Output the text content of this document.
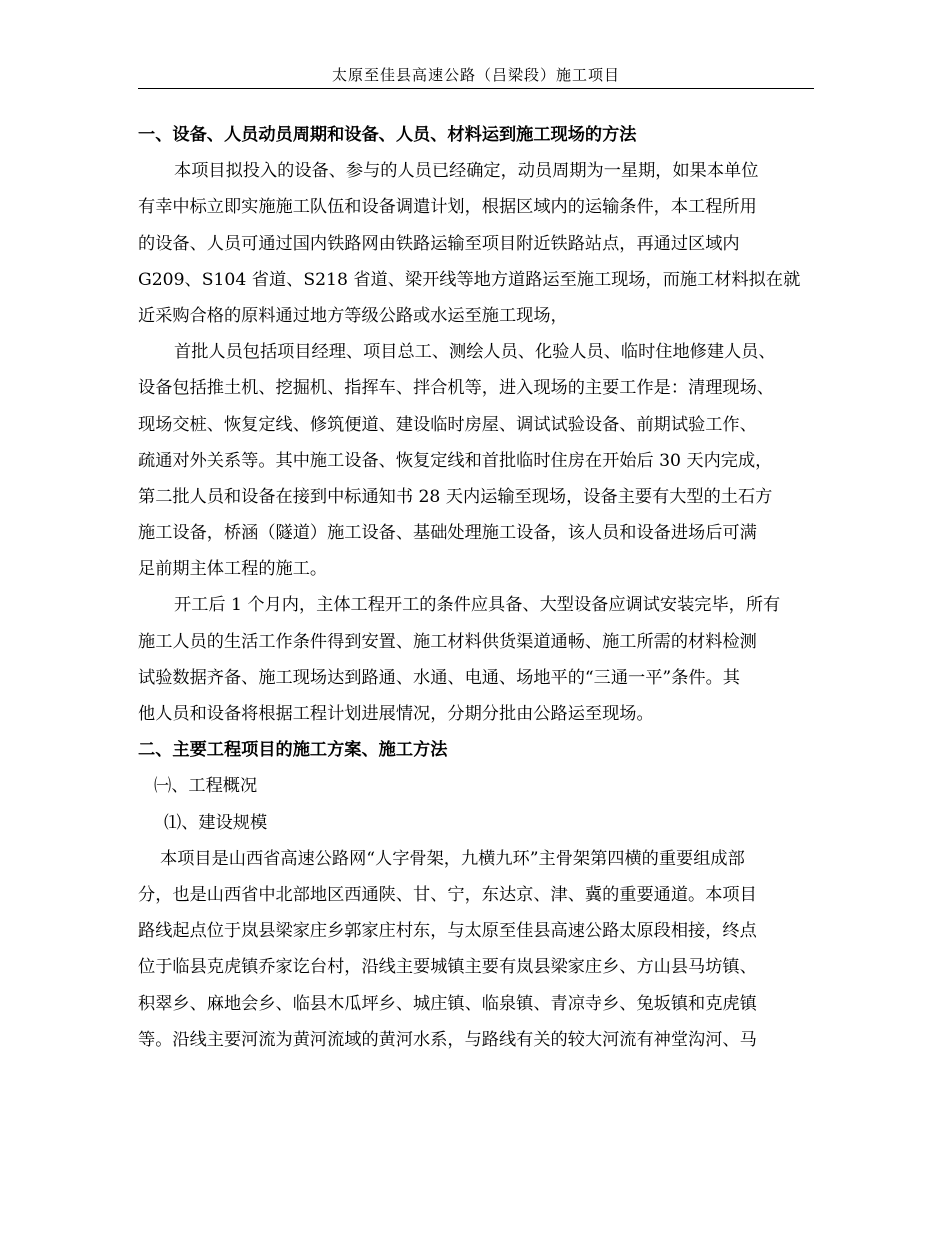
太原至佳县高速公路（吕梁段）施工项目
一、设备、人员动员周期和设备、人员、材料运到施工现场的方法
本项目拟投入的设备、参与的人员已经确定，动员周期为一星期，如果本单位
有幸中标立即实施施工队伍和设备调遣计划，根据区域内的运输条件，本工程所用
的设备、人员可通过国内铁路网由铁路运输至项目附近铁路站点，再通过区域内
G209、S104 省道、S218 省道、梁开线等地方道路运至施工现场，而施工材料拟在就
近采购合格的原料通过地方等级公路或水运至施工现场，
首批人员包括项目经理、项目总工、测绘人员、化验人员、临时住地修建人员、
设备包括推土机、挖掘机、指挥车、拌合机等，进入现场的主要工作是：清理现场、
现场交桩、恢复定线、修筑便道、建设临时房屋、调试试验设备、前期试验工作、
疏通对外关系等。其中施工设备、恢复定线和首批临时住房在开始后 30 天内完成，
第二批人员和设备在接到中标通知书 28 天内运输至现场，设备主要有大型的土石方
施工设备，桥涵（隧道）施工设备、基础处理施工设备，该人员和设备进场后可满
足前期主体工程的施工。
开工后 1 个月内，主体工程开工的条件应具备、大型设备应调试安装完毕，所有
施工人员的生活工作条件得到安置、施工材料供货渠道通畅、施工所需的材料检测
试验数据齐备、施工现场达到路通、水通、电通、场地平的“三通一平”条件。其
他人员和设备将根据工程计划进展情况，分期分批由公路运至现场。
二、主要工程项目的施工方案、施工方法
㈠、工程概况
⑴、建设规模
本项目是山西省高速公路网“人字骨架，九横九环”主骨架第四横的重要组成部
分，也是山西省中北部地区西通陕、甘、宁，东达京、津、冀的重要通道。本项目
路线起点位于岚县梁家庄乡郭家庄村东，与太原至佳县高速公路太原段相接，终点
位于临县克虎镇乔家讫台村，沿线主要城镇主要有岚县梁家庄乡、方山县马坊镇、
积翠乡、麻地会乡、临县木瓜坪乡、城庄镇、临泉镇、青凉寺乡、兔坂镇和克虎镇
等。沿线主要河流为黄河流域的黄河水系，与路线有关的较大河流有神堂沟河、马
